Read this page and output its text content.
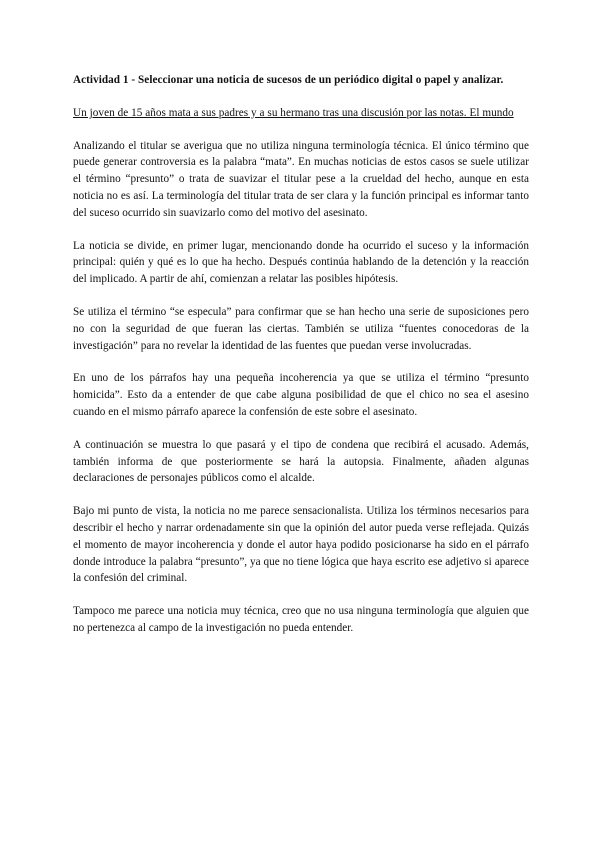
Actividad 1 - Seleccionar una noticia de sucesos de un periódico digital o papel y analizar.

Un joven de 15 años mata a sus padres y a su hermano tras una discusión por las notas. El mundo

Analizando el titular se averigua que no utiliza ninguna terminología técnica. El único término que puede generar controversia es la palabra “mata”. En muchas noticias de estos casos se suele utilizar el término “presunto” o trata de suavizar el titular pese a la crueldad del hecho, aunque en esta noticia no es así. La terminología del titular trata de ser clara y la función principal es informar tanto del suceso ocurrido sin suavizarlo como del motivo del asesinato.

La noticia se divide, en primer lugar, mencionando donde ha ocurrido el suceso y la información principal: quién y qué es lo que ha hecho. Después continúa hablando de la detención y la reacción del implicado. A partir de ahí, comienzan a relatar las posibles hipótesis.

Se utiliza el término “se especula” para confirmar que se han hecho una serie de suposiciones pero no con la seguridad de que fueran las ciertas. También se utiliza “fuentes conocedoras de la investigación” para no revelar la identidad de las fuentes que puedan verse involucradas.

En uno de los párrafos hay una pequeña incoherencia ya que se utiliza el término “presunto homicida”. Esto da a entender de que cabe alguna posibilidad de que el chico no sea el asesino cuando en el mismo párrafo aparece la confensión de este sobre el asesinato.

A continuación se muestra lo que pasará y el tipo de condena que recibirá el acusado. Además, también informa de que posteriormente se hará la autopsia. Finalmente, añaden algunas declaraciones de personajes públicos como el alcalde.

Bajo mi punto de vista, la noticia no me parece sensacionalista. Utiliza los términos necesarios para describir el hecho y narrar ordenadamente sin que la opinión del autor pueda verse reflejada. Quizás el momento de mayor incoherencia y donde el autor haya podido posicionarse ha sido en el párrafo donde introduce la palabra “presunto”, ya que no tiene lógica que haya escrito ese adjetivo si aparece la confesión del criminal.

Tampoco me parece una noticia muy técnica, creo que no usa ninguna terminología que alguien que no pertenezca al campo de la investigación no pueda entender.
